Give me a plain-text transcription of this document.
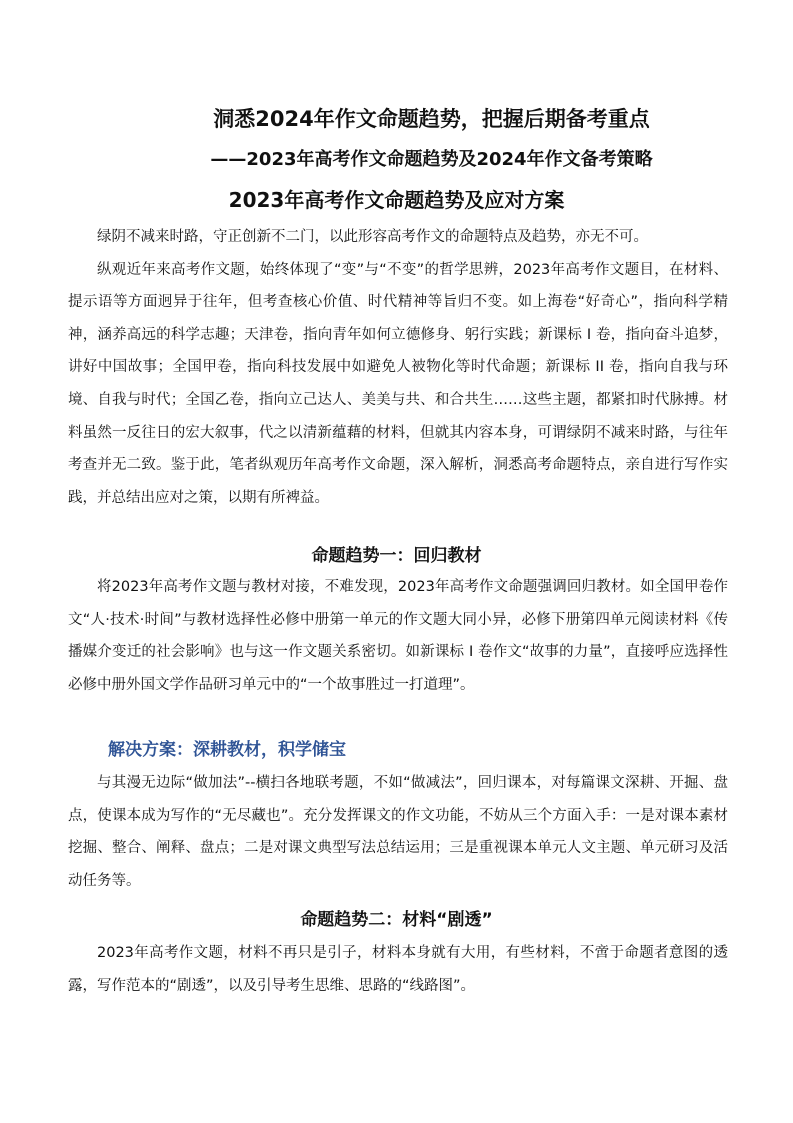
洞悉2024年作文命题趋势，把握后期备考重点
——2023年高考作文命题趋势及2024年作文备考策略
2023年高考作文命题趋势及应对方案

绿阴不减来时路，守正创新不二门，以此形容高考作文的命题特点及趋势，亦无不可。

纵观近年来高考作文题，始终体现了“变”与“不变”的哲学思辨，2023年高考作文题目，在材料、提示语等方面迥异于往年，但考查核心价值、时代精神等旨归不变。如上海卷“好奇心”，指向科学精神，涵养高远的科学志趣；天津卷，指向青年如何立德修身、躬行实践；新课标 I 卷，指向奋斗追梦，讲好中国故事；全国甲卷，指向科技发展中如避免人被物化等时代命题；新课标 II 卷，指向自我与环境、自我与时代；全国乙卷，指向立己达人、美美与共、和合共生……这些主题，都紧扣时代脉搏。材料虽然一反往日的宏大叙事，代之以清新蕴藉的材料，但就其内容本身，可谓绿阴不减来时路，与往年考查并无二致。鉴于此，笔者纵观历年高考作文命题，深入解析，洞悉高考命题特点，亲自进行写作实践，并总结出应对之策，以期有所裨益。

命题趋势一：回归教材

将2023年高考作文题与教材对接，不难发现，2023年高考作文命题强调回归教材。如全国甲卷作文“人·技术·时间”与教材选择性必修中册第一单元的作文题大同小异，必修下册第四单元阅读材料《传播媒介变迁的社会影响》也与这一作文题关系密切。如新课标 I 卷作文“故事的力量”，直接呼应选择性必修中册外国文学作品研习单元中的“一个故事胜过一打道理”。

解决方案：深耕教材，积学储宝

与其漫无边际“做加法”--横扫各地联考题，不如“做减法”，回归课本，对每篇课文深耕、开掘、盘点，使课本成为写作的“无尽藏也”。充分发挥课文的作文功能，不妨从三个方面入手：一是对课本素材挖掘、整合、阐释、盘点；二是对课文典型写法总结运用；三是重视课本单元人文主题、单元研习及活动任务等。

命题趋势二：材料“剧透”

2023年高考作文题，材料不再只是引子，材料本身就有大用，有些材料，不啻于命题者意图的透露，写作范本的“剧透”，以及引导考生思维、思路的“线路图”。
